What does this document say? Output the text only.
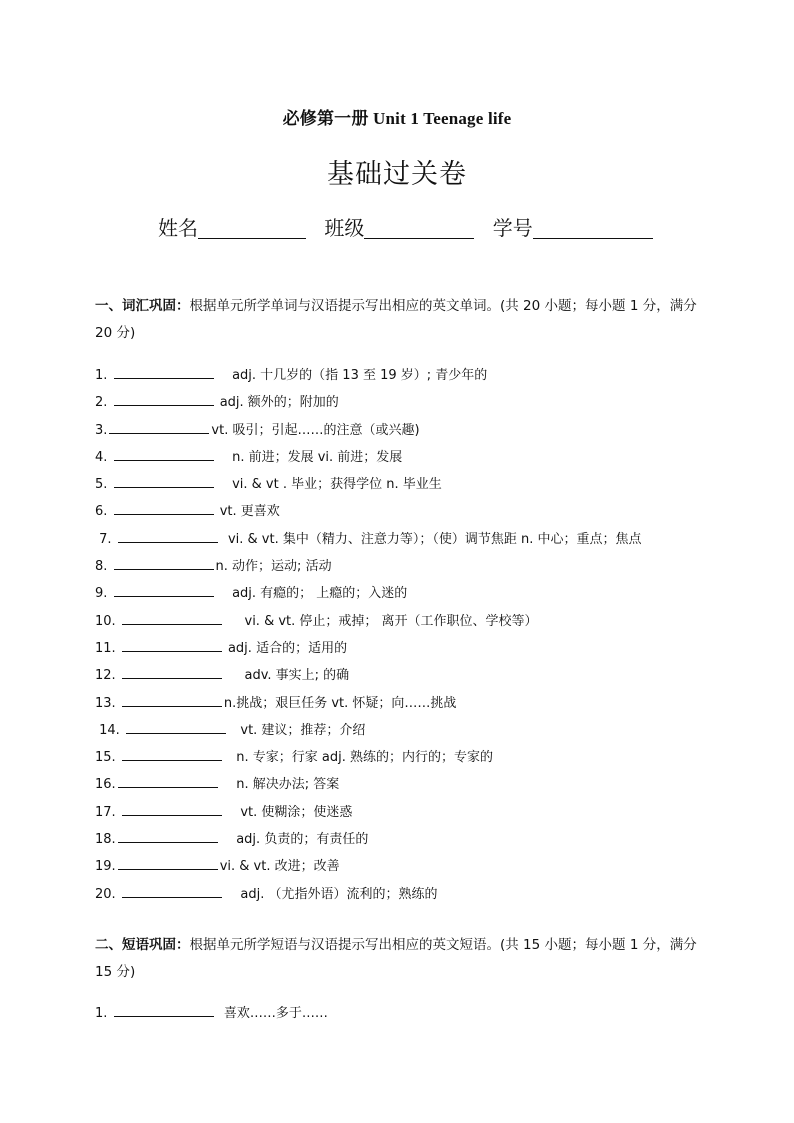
必修第一册 Unit 1 Teenage life
基础过关卷
姓名	班级	学号
一、词汇巩固：根据单元所学单词与汉语提示写出相应的英文单词。(共 20 小题；每小题 1 分，满分 20 分)
1.	adj. 十几岁的（指 13 至 19 岁）; 青少年的
2.	adj. 额外的；附加的
3.	vt. 吸引；引起……的注意（或兴趣)
4.	n. 前进；发展 vi. 前进；发展
5.	vi. & vt . 毕业；获得学位 n. 毕业生
6.	vt. 更喜欢
7.	vi. & vt. 集中（精力、注意力等）；（使）调节焦距 n. 中心；重点；焦点
8.	n. 动作；运动; 活动
9.	adj. 有瘾的； 上瘾的；入迷的
10.	vi. & vt. 停止；戒掉； 离开（工作职位、学校等）
11.	adj. 适合的；适用的
12.	adv. 事实上; 的确
13.	n.挑战；艰巨任务 vt. 怀疑；向……挑战
14.	vt. 建议；推荐；介绍
15.	n. 专家；行家 adj. 熟练的；内行的；专家的
16.	n. 解决办法; 答案
17.	vt. 使糊涂；使迷惑
18.	adj. 负责的；有责任的
19.	vi. & vt. 改进；改善
20.	adj. （尤指外语）流利的；熟练的
二、短语巩固：根据单元所学短语与汉语提示写出相应的英文短语。(共 15 小题；每小题 1 分，满分 15 分)
1.	喜欢……多于……
